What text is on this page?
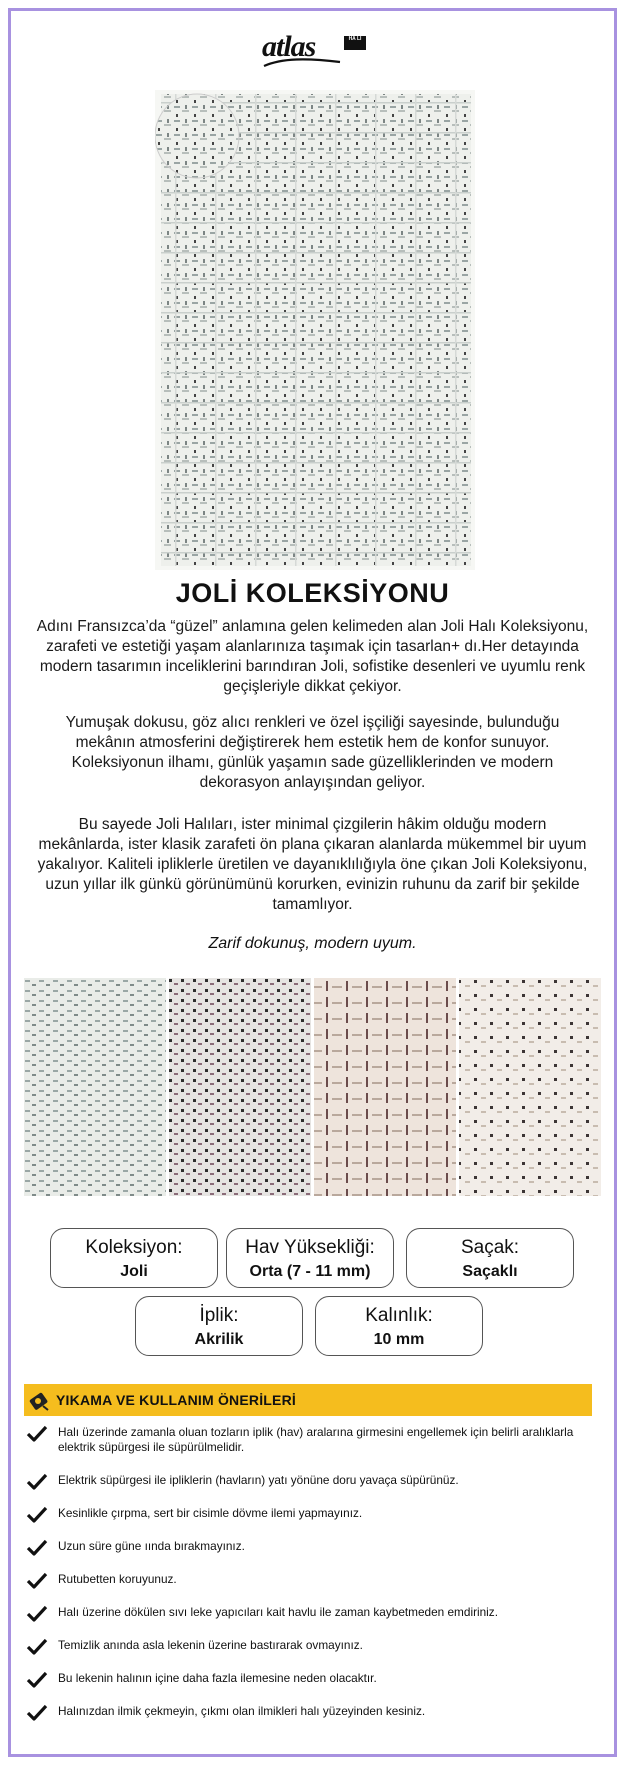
atlas	HA LI
JOLİ KOLEKSİYONU

Adını Fransızca’da “güzel” anlamına gelen kelimeden alan Joli Halı Koleksiyonu, zarafeti ve estetiği yaşam alanlarınıza taşımak için tasarlan+ dı.Her detayında modern tasarımın inceliklerini barındıran Joli, sofistike desenleri ve uyumlu renk geçişleriyle dikkat çekiyor.

Yumuşak dokusu, göz alıcı renkleri ve özel işçiliği sayesinde, bulunduğu mekânın atmosferini değiştirerek hem estetik hem de konfor sunuyor. Koleksiyonun ilhamı, günlük yaşamın sade güzelliklerinden ve modern dekorasyon anlayışından geliyor.

Bu sayede Joli Halıları, ister minimal çizgilerin hâkim olduğu modern mekânlarda, ister klasik zarafeti ön plana çıkaran alanlarda mükemmel bir uyum yakalıyor. Kaliteli ipliklerle üretilen ve dayanıklılığıyla öne çıkan Joli Koleksiyonu, uzun yıllar ilk günkü görünümünü korurken, evinizin ruhunu da zarif bir şekilde tamamlıyor.

Zarif dokunuş, modern uyum.
Koleksiyon:
Joli
Hav Yüksekliği:
Orta (7 - 11 mm)
Saçak:
Saçaklı
İplik:
Akrilik
Kalınlık:
10 mm
YIKAMA VE KULLANIM ÖNERİLERİ
Halı üzerinde zamanla oluan tozların iplik (hav) aralarına girmesini engellemek için belirli aralıklarla elektrik süpürgesi ile süpürülmelidir.
Elektrik süpürgesi ile ipliklerin (havların) yatı yönüne doru yavaça süpürünüz.
Kesinlikle çırpma, sert bir cisimle dövme ilemi yapmayınız.
Uzun süre güne ıında bırakmayınız.
Rutubetten koruyunuz.
Halı üzerine dökülen sıvı leke yapıcıları kait havlu ile zaman kaybetmeden emdiriniz.
Temizlik anında asla lekenin üzerine bastırarak ovmayınız.
Bu lekenin halının içine daha fazla ilemesine neden olacaktır.
Halınızdan ilmik çekmeyin, çıkmı olan ilmikleri halı yüzeyinden kesiniz.
